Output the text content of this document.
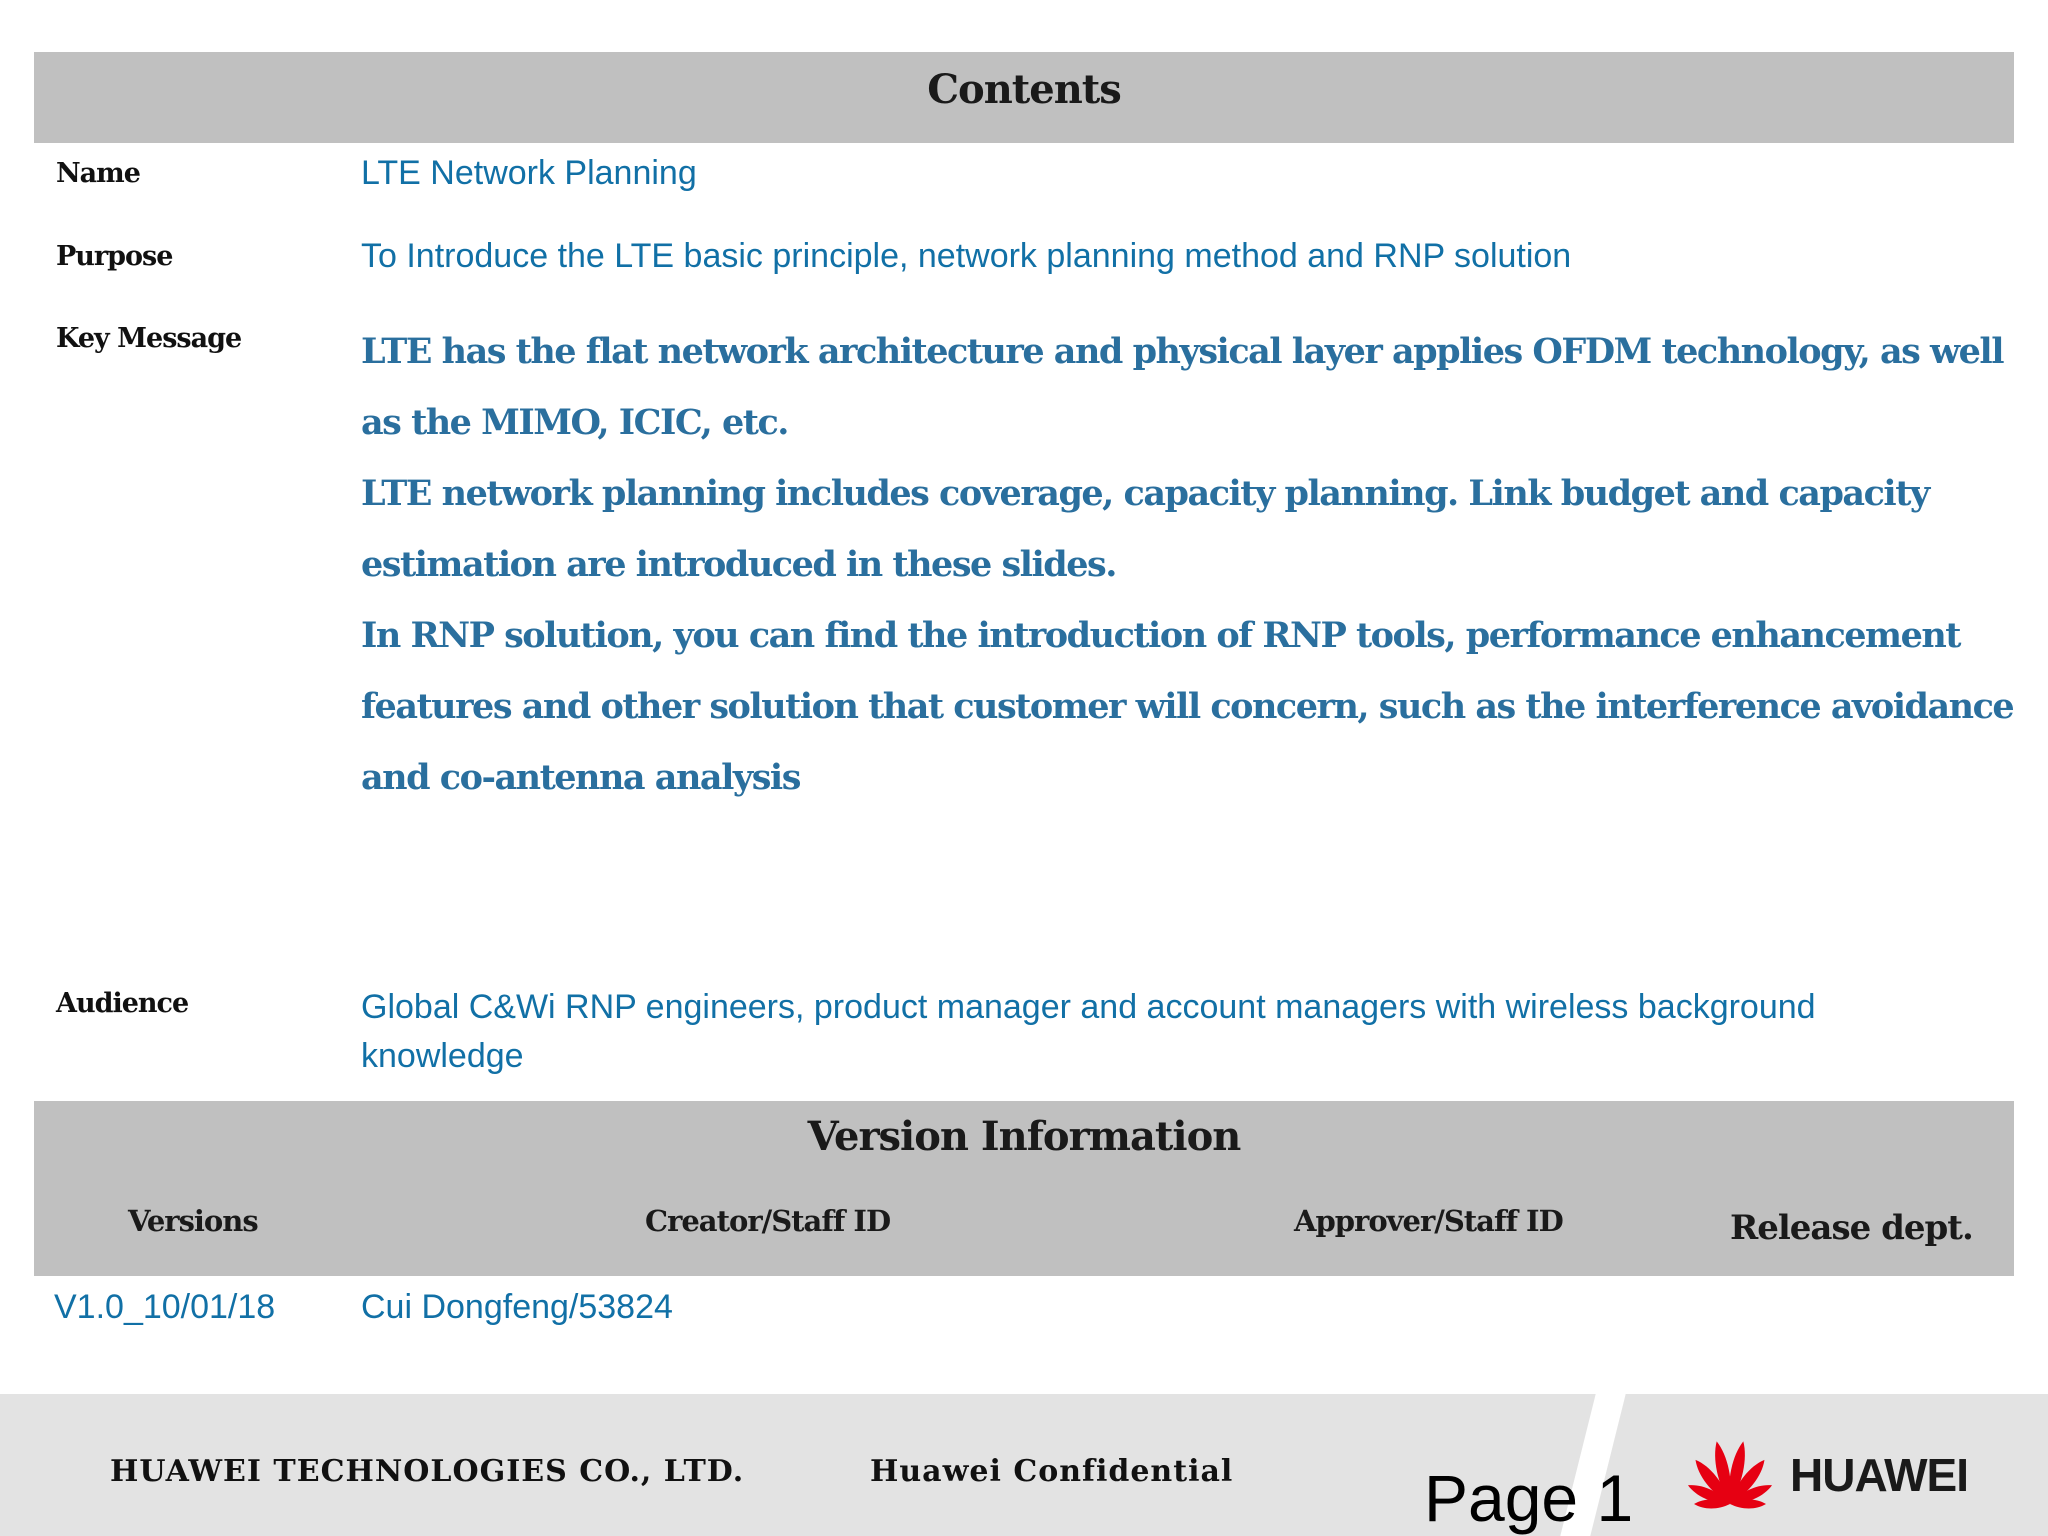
Contents
Name	LTE Network Planning
Purpose	To Introduce the LTE basic principle, network planning method and RNP solution
Key Message	LTE has the flat network architecture and physical layer applies OFDM technology, as well as the MIMO, ICIC, etc.

LTE network planning includes coverage, capacity planning. Link budget and capacity estimation are introduced in these slides.

In RNP solution, you can find the introduction of RNP tools, performance enhancement features and other solution that customer will concern, such as the interference avoidance and co-antenna analysis

Audience	Global C&Wi RNP engineers, product manager and account managers with wireless background knowledge
Version Information
Versions	Creator/Staff ID	Approver/Staff ID	Release dept.
V1.0_10/01/18	Cui Dongfeng/53824
HUAWEI TECHNOLOGIES CO., LTD.	Huawei Confidential	Page 1	HUAWEI
